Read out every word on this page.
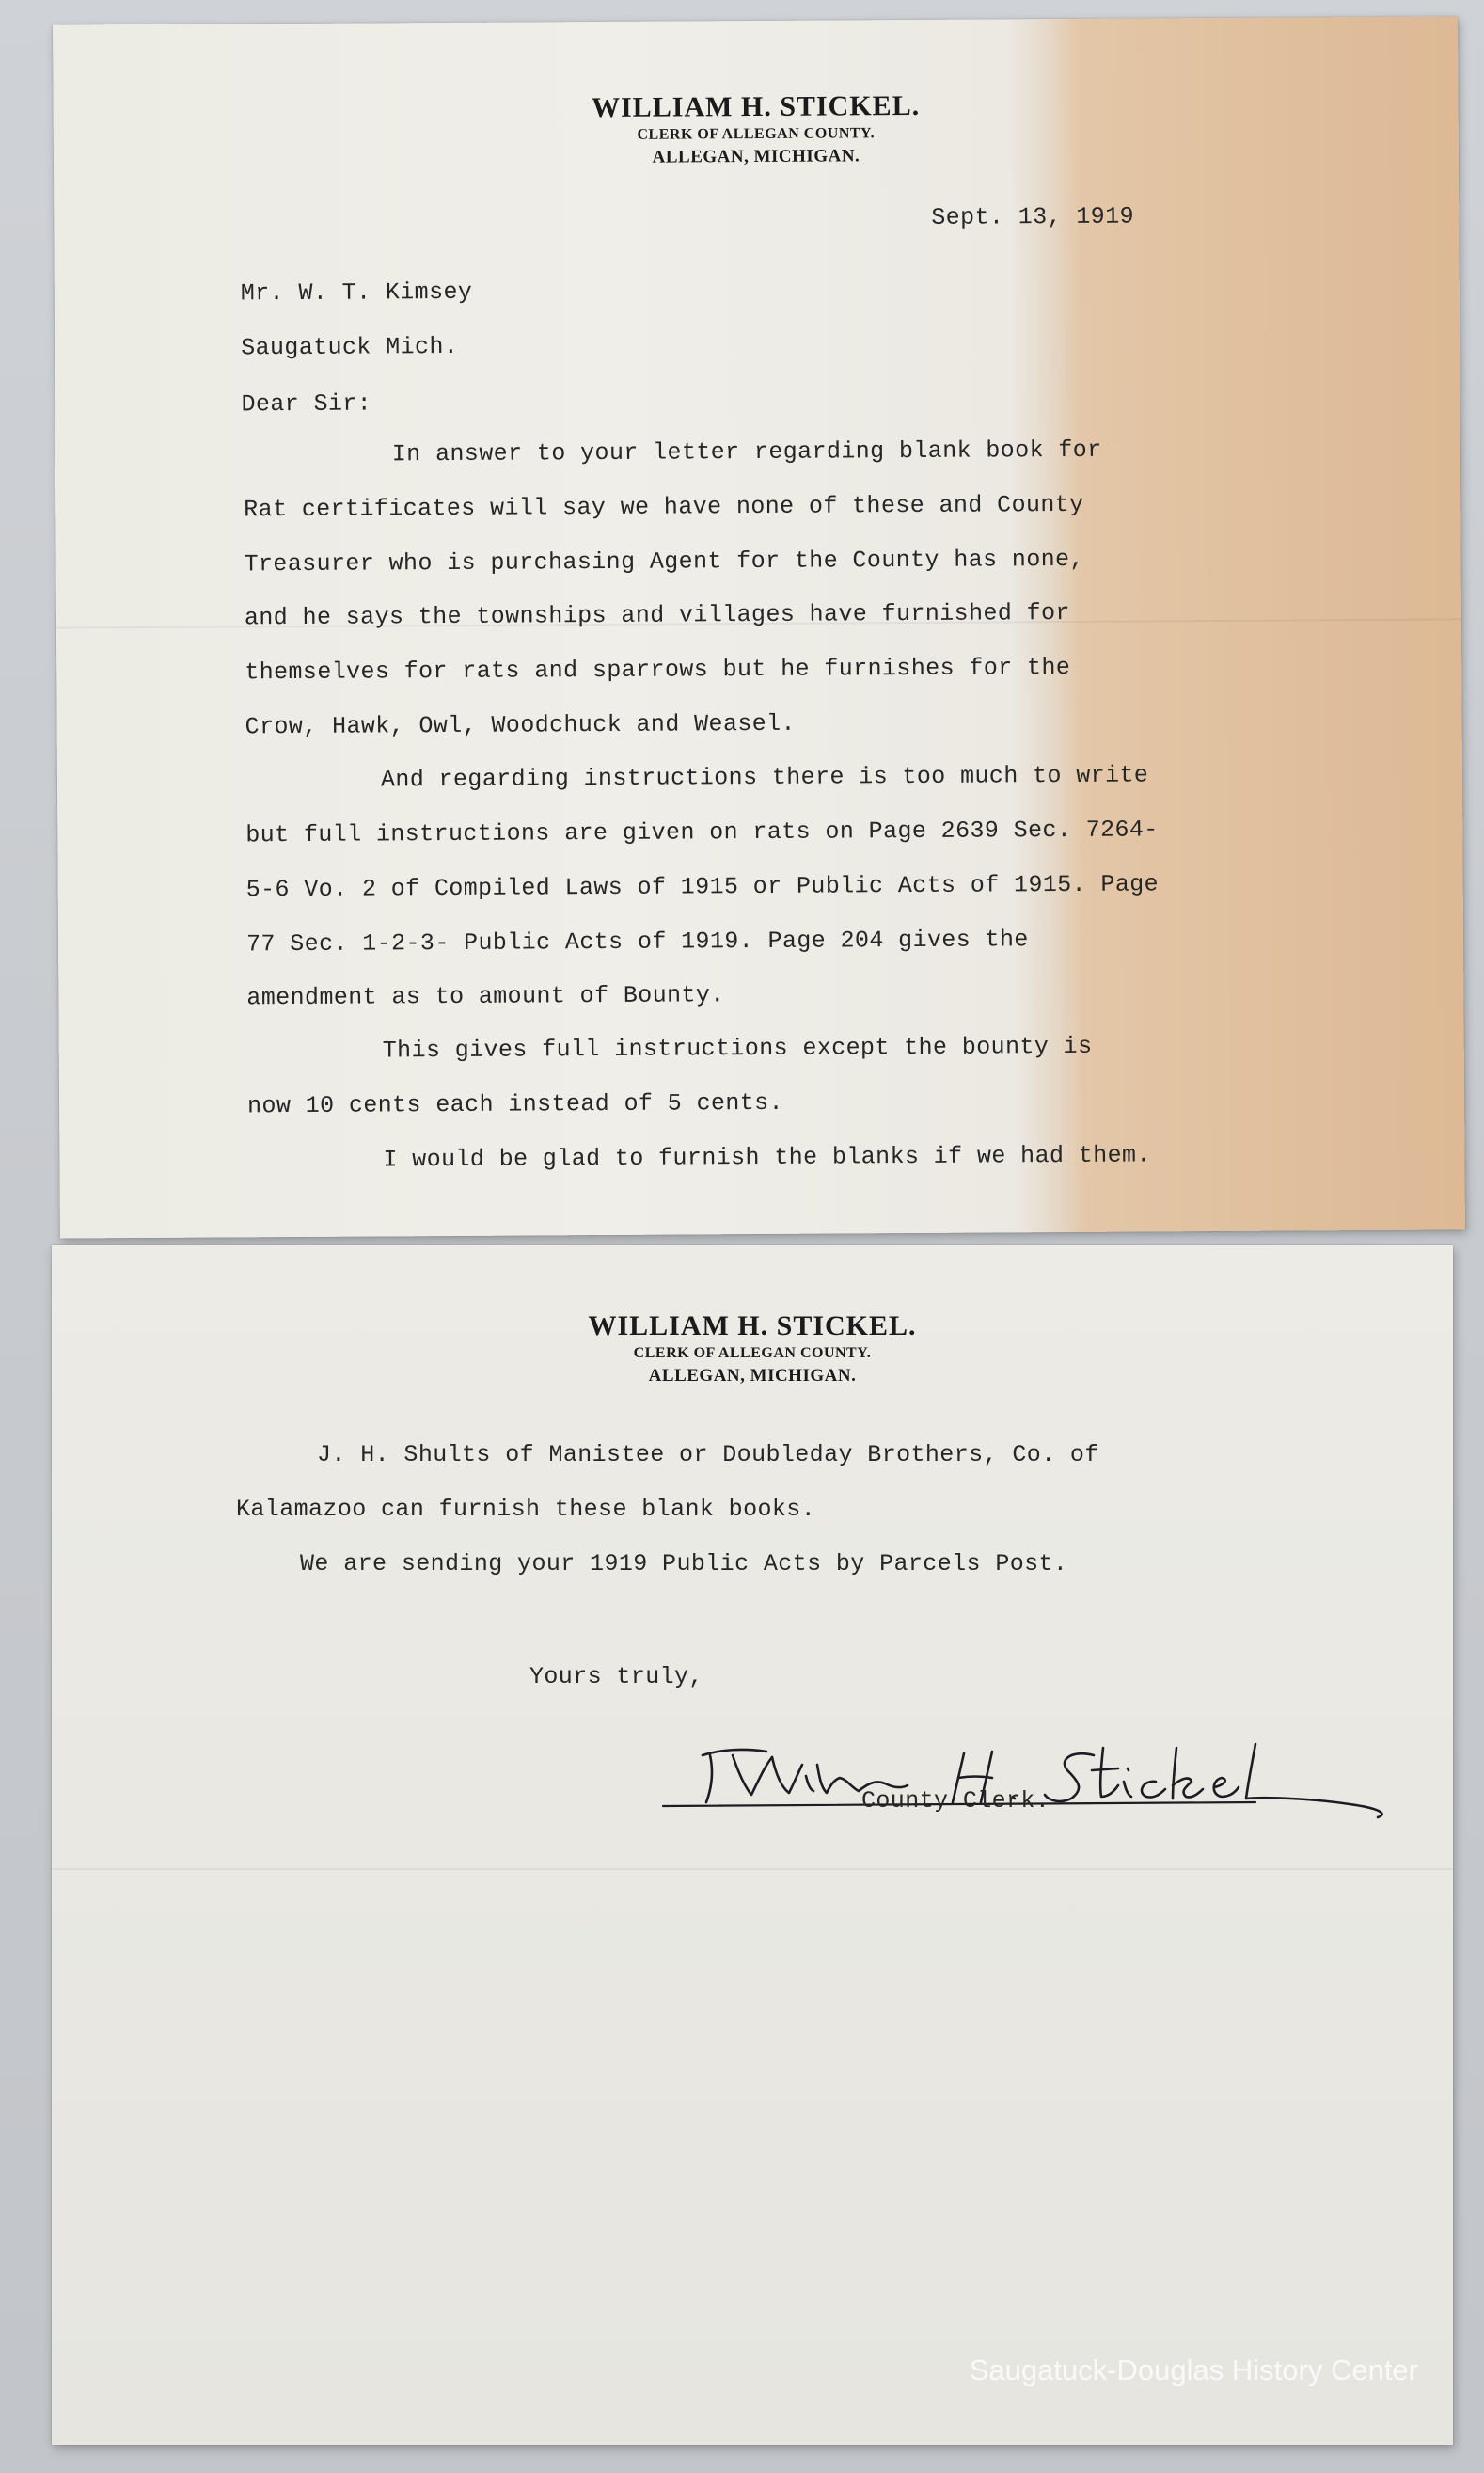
WILLIAM H. STICKEL.
CLERK OF ALLEGAN COUNTY.
ALLEGAN, MICHIGAN.
Sept. 13, 1919
Mr. W. T. Kimsey
Saugatuck Mich.
Dear Sir:
In answer to your letter regarding blank book for
Rat certificates will say we have none of these and County
Treasurer who is purchasing Agent for the County has none,
and he says the townships and villages have furnished for
themselves for rats and sparrows but he furnishes for the
Crow, Hawk, Owl, Woodchuck and Weasel.
And regarding instructions there is too much to write
but full instructions are given on rats on Page 2639 Sec. 7264-
5-6 Vo. 2 of Compiled Laws of 1915 or Public Acts of 1915. Page
77 Sec. 1-2-3- Public Acts of 1919. Page 204 gives the
amendment as to amount of Bounty.
This gives full instructions except the bounty is
now 10 cents each instead of 5 cents.
I would be glad to furnish the blanks if we had them.
WILLIAM H. STICKEL.
CLERK OF ALLEGAN COUNTY.
ALLEGAN, MICHIGAN.
J. H. Shults of Manistee or Doubleday Brothers, Co. of
Kalamazoo can furnish these blank books.
We are sending your 1919 Public Acts by Parcels Post.
Yours truly,
County Clerk.
Saugatuck-Douglas History Center
